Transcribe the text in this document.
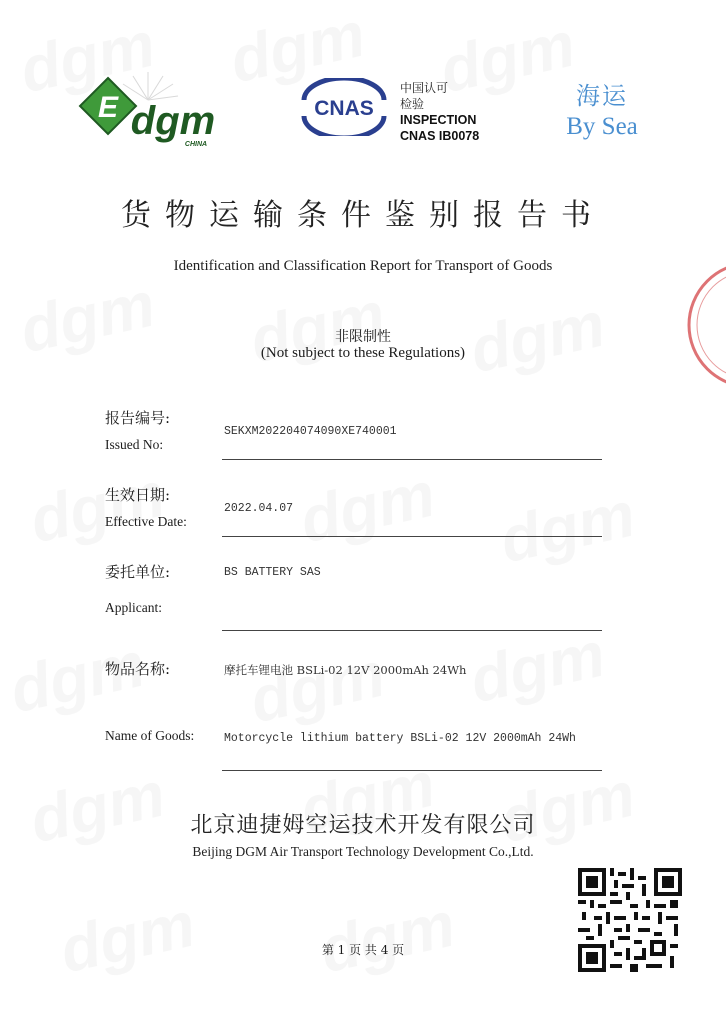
E dgm
CHINA
CNAS
中国认可
检验
INSPECTION
CNAS IB0078
海运
By Sea
货物运输条件鉴别报告书
Identification and Classification Report for Transport of Goods
非限制性
(Not subject to these Regulations)
报告编号:
Issued No:
SEKXM202204074090XE740001
生效日期:
Effective Date:
2022.04.07
委托单位:
Applicant:
BS BATTERY SAS
物品名称:	摩托车锂电池 BSLi-02 12V 2000mAh 24Wh
Name of Goods:	Motorcycle lithium battery BSLi-02 12V 2000mAh 24Wh
北京迪捷姆空运技术开发有限公司
Beijing DGM Air Transport Technology Development Co.,Ltd.
第 1 页 共 4 页
